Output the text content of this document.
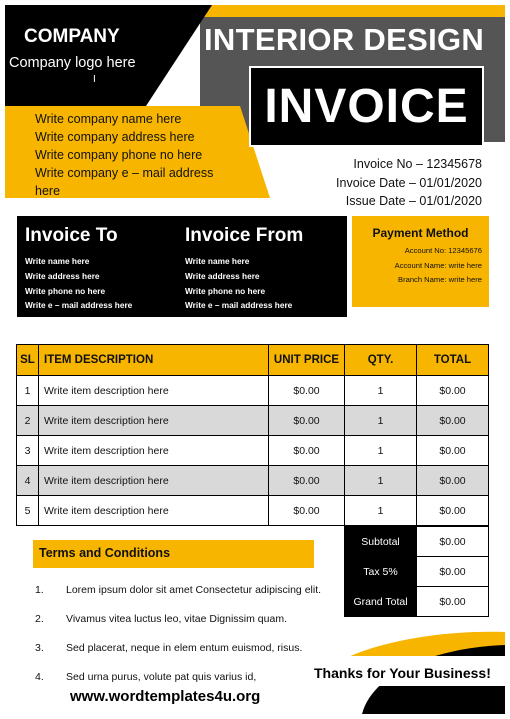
COMPANY
Company logo here
I
Write company name here
Write company address here
Write company phone no here
Write company e – mail address here
INTERIOR DESIGN
INVOICE
Invoice No – 12345678
Invoice Date – 01/01/2020
Issue Date – 01/01/2020
Invoice To
Write name here
Write address here
Write phone no here
Write e – mail address here
Invoice From
Write name here
Write address here
Write phone no here
Write e – mail address here
Payment Method
Account No: 12345676
Account Name: write here
Branch Name: write here
SL	ITEM DESCRIPTION	UNIT PRICE	QTY.	TOTAL
1	Write item description here	$0.00	1	$0.00
2	Write item description here	$0.00	1	$0.00
3	Write item description here	$0.00	1	$0.00
4	Write item description here	$0.00	1	$0.00
5	Write item description here	$0.00	1	$0.00
Subtotal	$0.00
Tax 5%	$0.00
Grand Total	$0.00
Terms and Conditions
1. Lorem ipsum dolor sit amet Consectetur adipiscing elit.
2. Vivamus vitea luctus leo, vitae Dignissim quam.
3. Sed placerat, neque in elem entum euismod, risus.
4. Sed urna purus, volute pat quis varius id,	Thanks for Your Business!
www.wordtemplates4u.org
